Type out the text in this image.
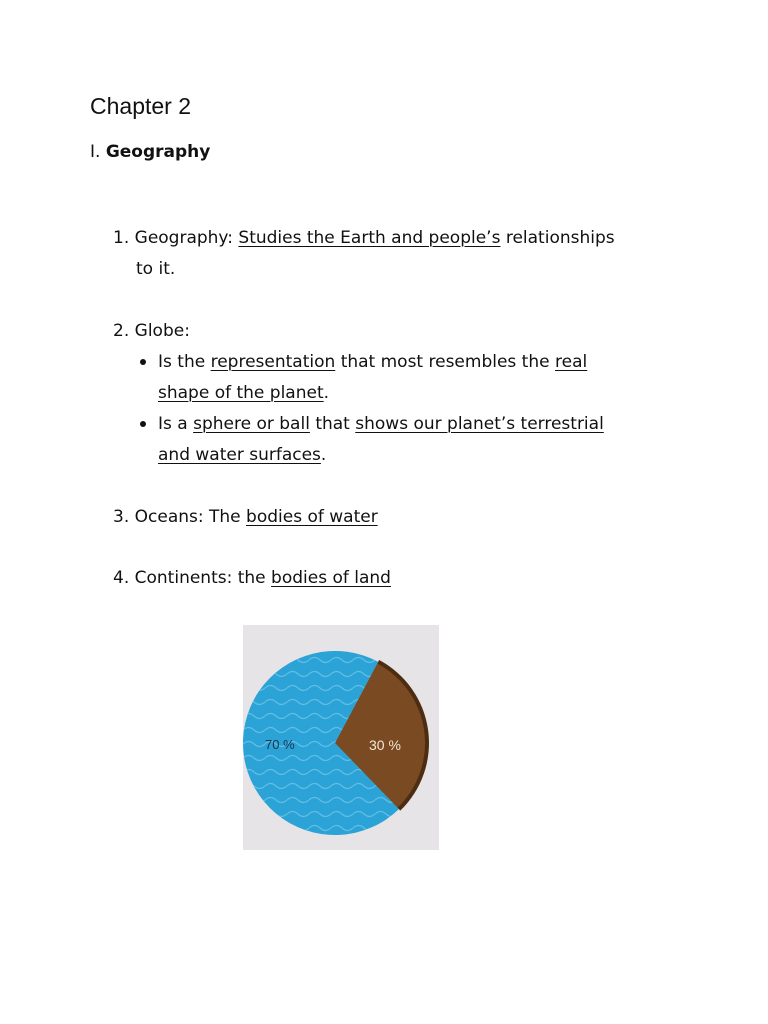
Chapter 2
I. Geography
1. Geography: Studies the Earth and people’s relationships
to it.
2. Globe:
Is the representation that most resembles the real
shape of the planet.
Is a sphere or ball that shows our planet’s terrestrial
and water surfaces.
3. Oceans: The bodies of water
4. Continents: the bodies of land
70 %	30 %
